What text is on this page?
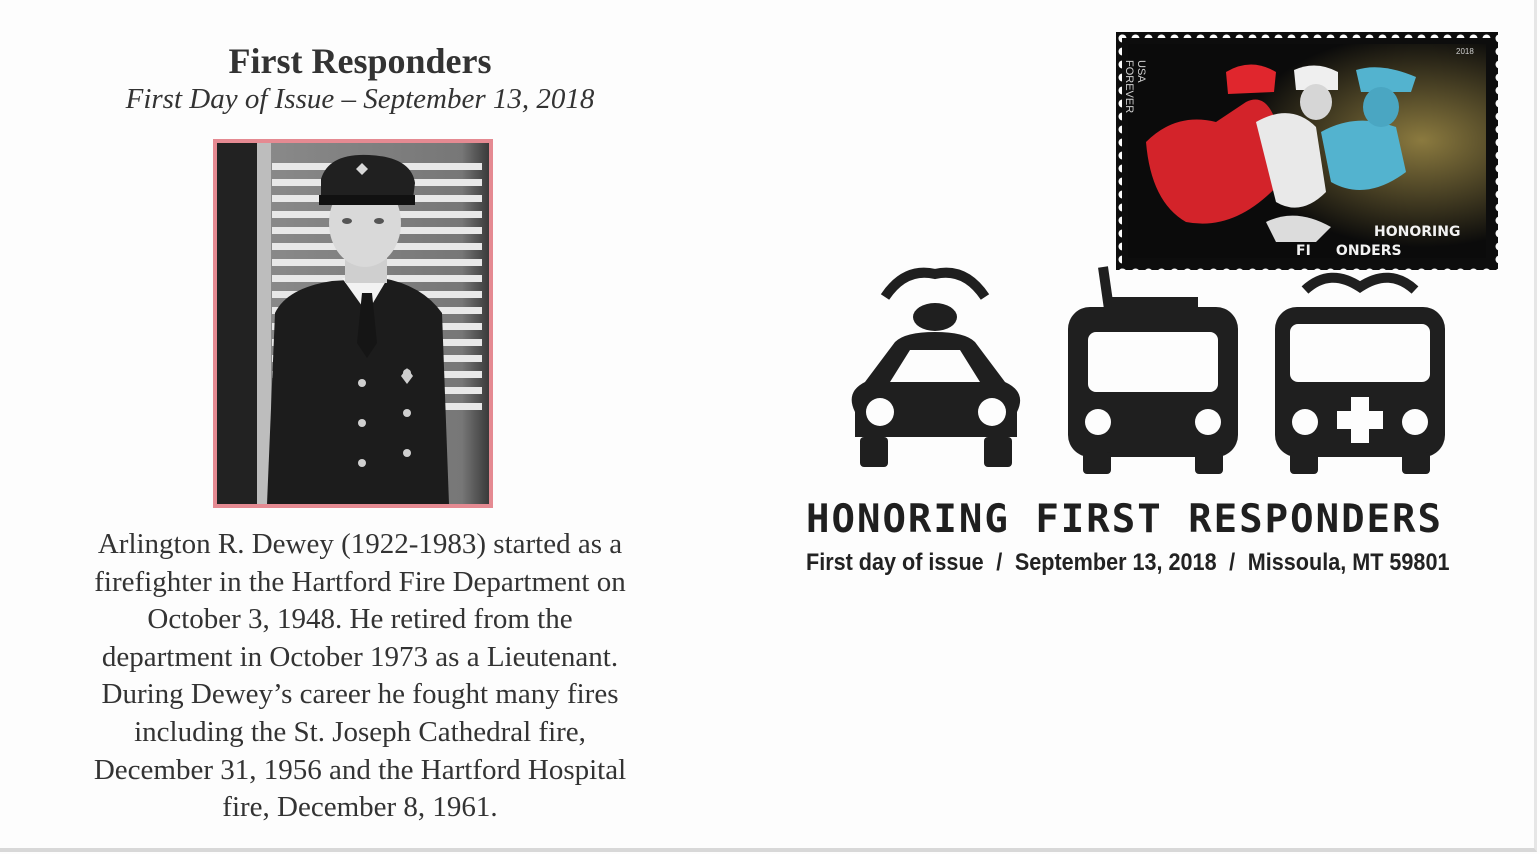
First Responders
First Day of Issue – September 13, 2018
Arlington R. Dewey (1922-1983) started as a
firefighter in the Hartford Fire Department on
October 3, 1948. He retired from the
department in October 1973 as a Lieutenant.
During Dewey’s career he fought many fires
including the St. Joseph Cathedral fire,
December 31, 1956 and the Hartford Hospital
fire, December 8, 1961.
USA
FOREVER
2018
HONORING
FI         ONDERS
HONORING FIRST RESPONDERS
First day of issue / September 13, 2018 / Missoula, MT 59801
